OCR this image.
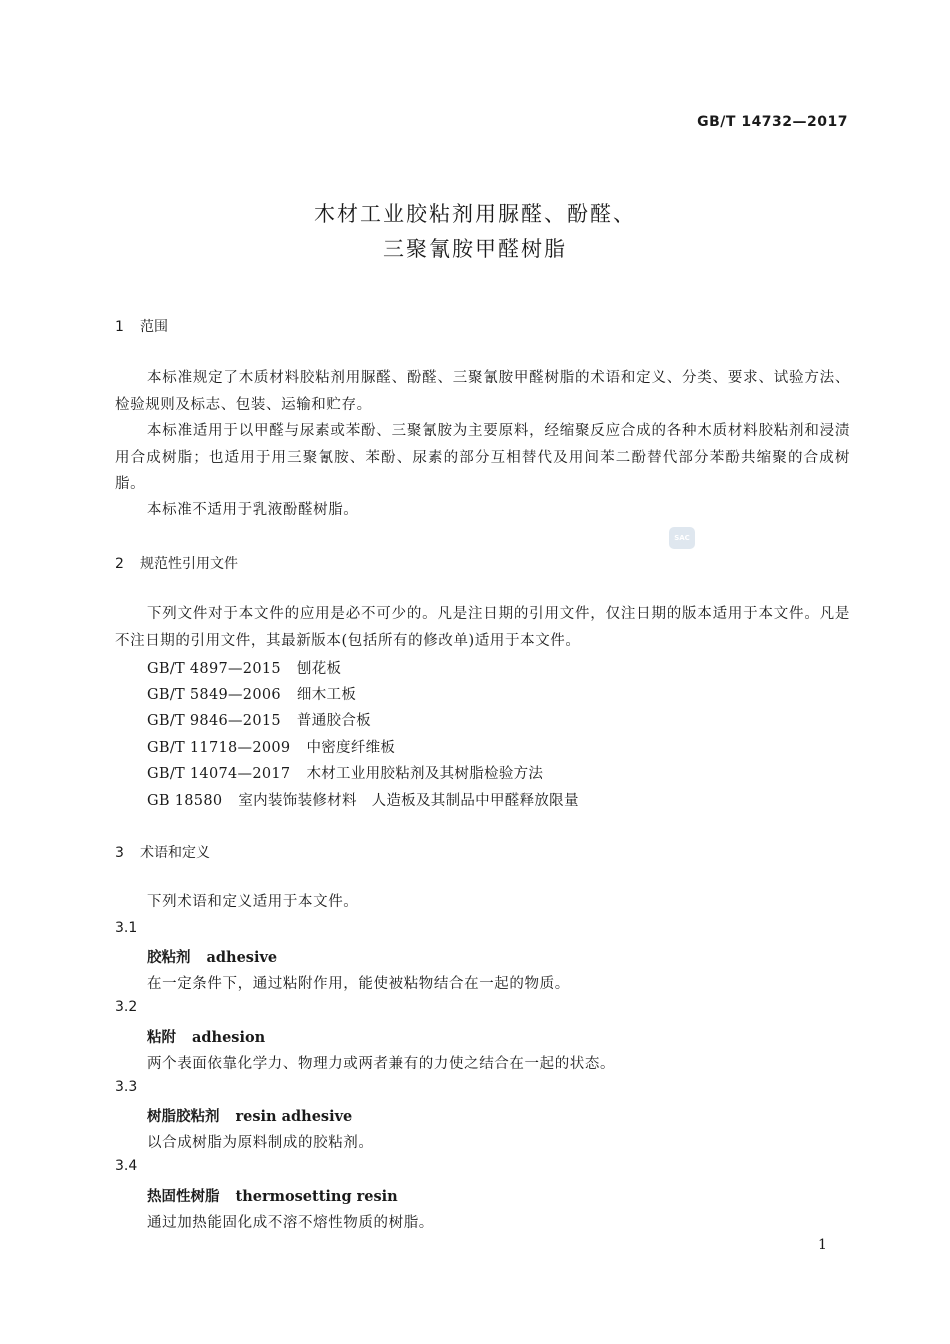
GB/T 14732—2017
木材工业胶粘剂用脲醛、酚醛、
三聚氰胺甲醛树脂
1 范围

本标准规定了木质材料胶粘剂用脲醛、酚醛、三聚氰胺甲醛树脂的术语和定义、分类、要求、试验方法、检验规则及标志、包装、运输和贮存。

本标准适用于以甲醛与尿素或苯酚、三聚氰胺为主要原料，经缩聚反应合成的各种木质材料胶粘剂和浸渍用合成树脂；也适用于用三聚氰胺、苯酚、尿素的部分互相替代及用间苯二酚替代部分苯酚共缩聚的合成树脂。

本标准不适用于乳液酚醛树脂。

SAC
2 规范性引用文件

下列文件对于本文件的应用是必不可少的。凡是注日期的引用文件，仅注日期的版本适用于本文件。凡是不注日期的引用文件，其最新版本(包括所有的修改单)适用于本文件。

GB/T 4897—2015 刨花板
GB/T 5849—2006 细木工板
GB/T 9846—2015 普通胶合板
GB/T 11718—2009 中密度纤维板
GB/T 14074—2017 木材工业用胶粘剂及其树脂检验方法
GB 18580 室内装饰装修材料　人造板及其制品中甲醛释放限量
3 术语和定义

下列术语和定义适用于本文件。

3.1
胶粘剂 adhesive
在一定条件下，通过粘附作用，能使被粘物结合在一起的物质。
3.2
粘附 adhesion
两个表面依靠化学力、物理力或两者兼有的力使之结合在一起的状态。
3.3
树脂胶粘剂 resin adhesive
以合成树脂为原料制成的胶粘剂。
3.4
热固性树脂 thermosetting resin
通过加热能固化成不溶不熔性物质的树脂。
1
